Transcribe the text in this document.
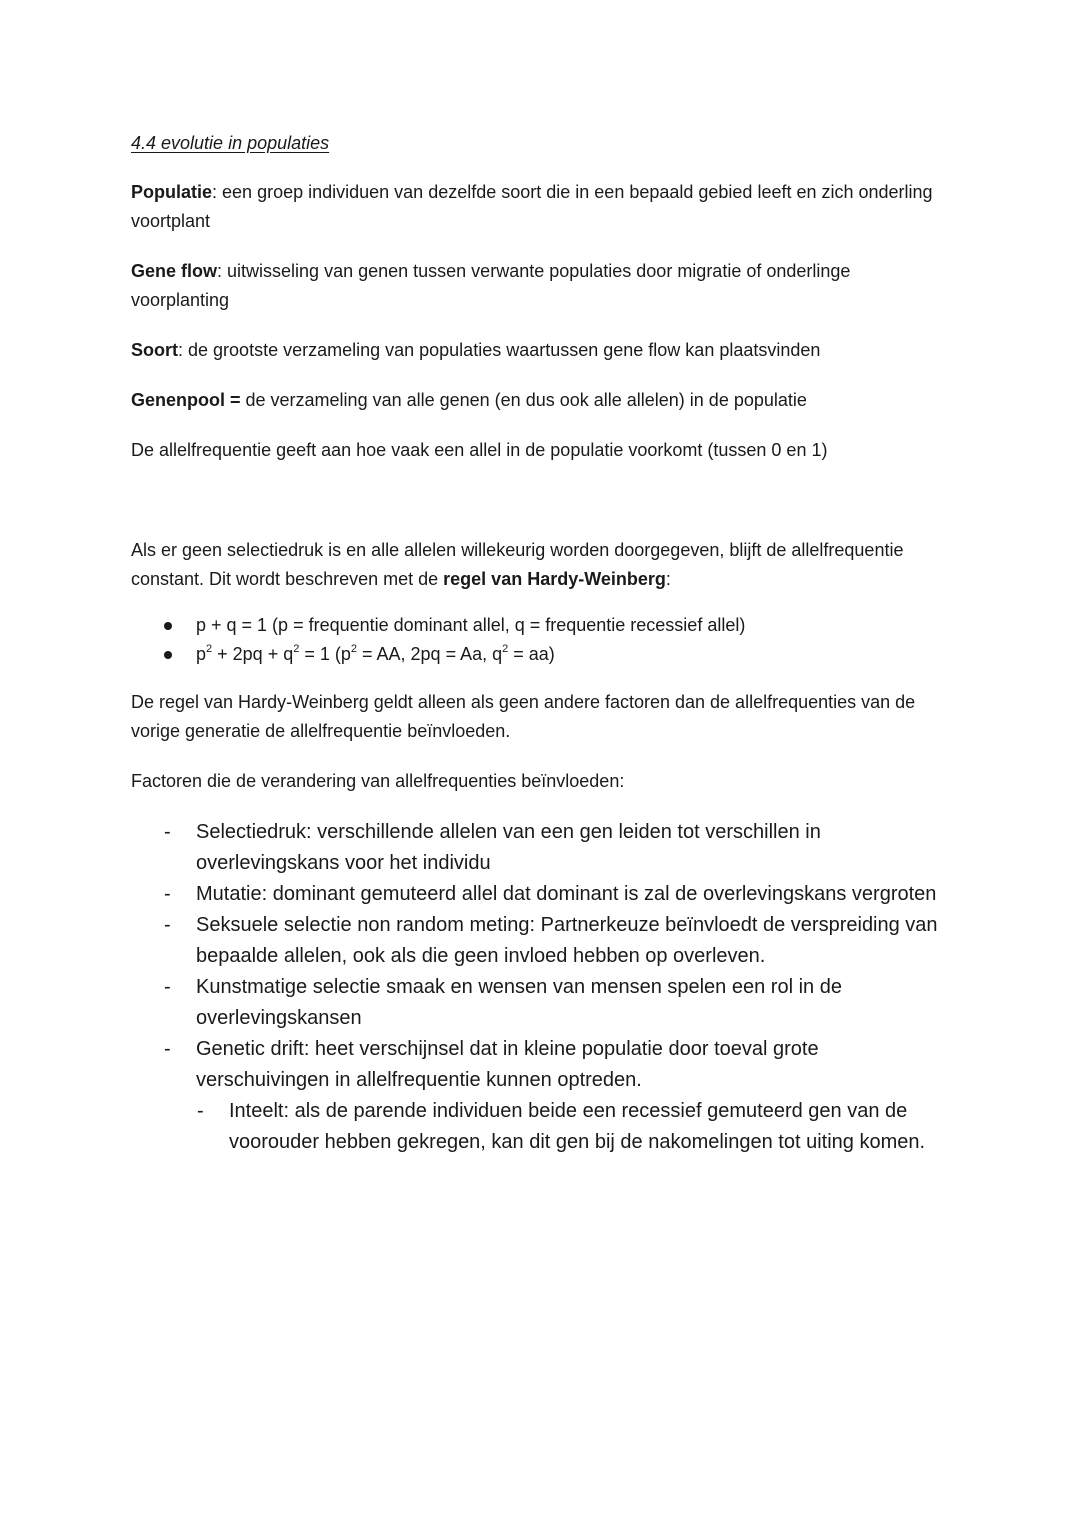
4.4 evolutie in populaties

Populatie: een groep individuen van dezelfde soort die in een bepaald gebied leeft en zich onderling voortplant

Gene flow: uitwisseling van genen tussen verwante populaties door migratie of onderlinge voorplanting

Soort: de grootste verzameling van populaties waartussen gene flow kan plaatsvinden

Genenpool = de verzameling van alle genen (en dus ook alle allelen) in de populatie

De allelfrequentie geeft aan hoe vaak een allel in de populatie voorkomt (tussen 0 en 1)

Als er geen selectiedruk is en alle allelen willekeurig worden doorgegeven, blijft de allelfrequentie constant. Dit wordt beschreven met de regel van Hardy-Weinberg:

p + q = 1 (p = frequentie dominant allel, q = frequentie recessief allel)
$p^2 + 2pq + q^2 = 1$ ($p^2$ = AA, 2pq = Aa, $q^2 = aa$)

De regel van Hardy-Weinberg geldt alleen als geen andere factoren dan de allelfrequenties van de vorige generatie de allelfrequentie beïnvloeden.

Factoren die de verandering van allelfrequenties beïnvloeden:

- Selectiedruk: verschillende allelen van een gen leiden tot verschillen in overlevingskans voor het individu
- Mutatie: dominant gemuteerd allel dat dominant is zal de overlevingskans vergroten
- Seksuele selectie non random meting: Partnerkeuze beïnvloedt de verspreiding van bepaalde allelen, ook als die geen invloed hebben op overleven.
- Kunstmatige selectie smaak en wensen van mensen spelen een rol in de overlevingskansen
- Genetic drift: heet verschijnsel dat in kleine populatie door toeval grote verschuivingen in allelfrequentie kunnen optreden.
- Inteelt: als de parende individuen beide een recessief gemuteerd gen van de voorouder hebben gekregen, kan dit gen bij de nakomelingen tot uiting komen.
